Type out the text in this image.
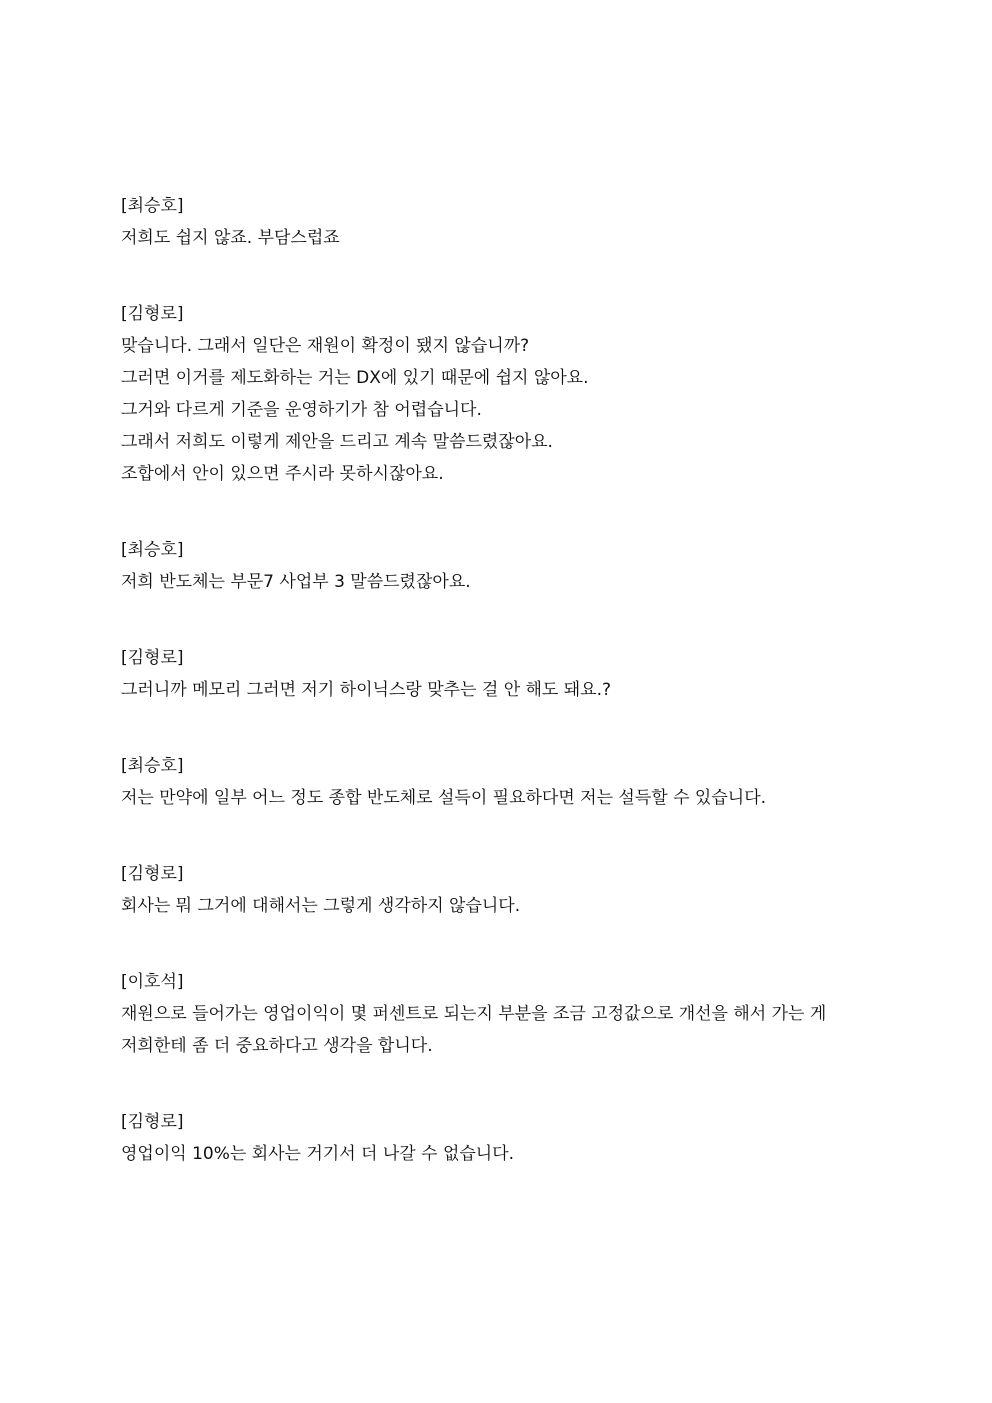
[최승호]
저희도 쉽지 않죠. 부담스럽죠
[김형로]
맞습니다. 그래서 일단은 재원이 확정이 됐지 않습니까?
그러면 이거를 제도화하는 거는 DX에 있기 때문에 쉽지 않아요.
그거와 다르게 기준을 운영하기가 참 어렵습니다.
그래서 저희도 이렇게 제안을 드리고 계속 말씀드렸잖아요.
조합에서 안이 있으면 주시라 못하시잖아요.
[최승호]
저희 반도체는 부문7 사업부 3 말씀드렸잖아요.
[김형로]
그러니까 메모리 그러면 저기 하이닉스랑 맞추는 걸 안 해도 돼요.?
[최승호]
저는 만약에 일부 어느 정도 종합 반도체로 설득이 필요하다면 저는 설득할 수 있습니다.
[김형로]
회사는 뭐 그거에 대해서는 그렇게 생각하지 않습니다.
[이호석]
재원으로 들어가는 영업이익이 몇 퍼센트로 되는지 부분을 조금 고정값으로 개선을 해서 가는 게 저희한테 좀 더 중요하다고 생각을 합니다.
[김형로]
영업이익 10%는 회사는 거기서 더 나갈 수 없습니다.
